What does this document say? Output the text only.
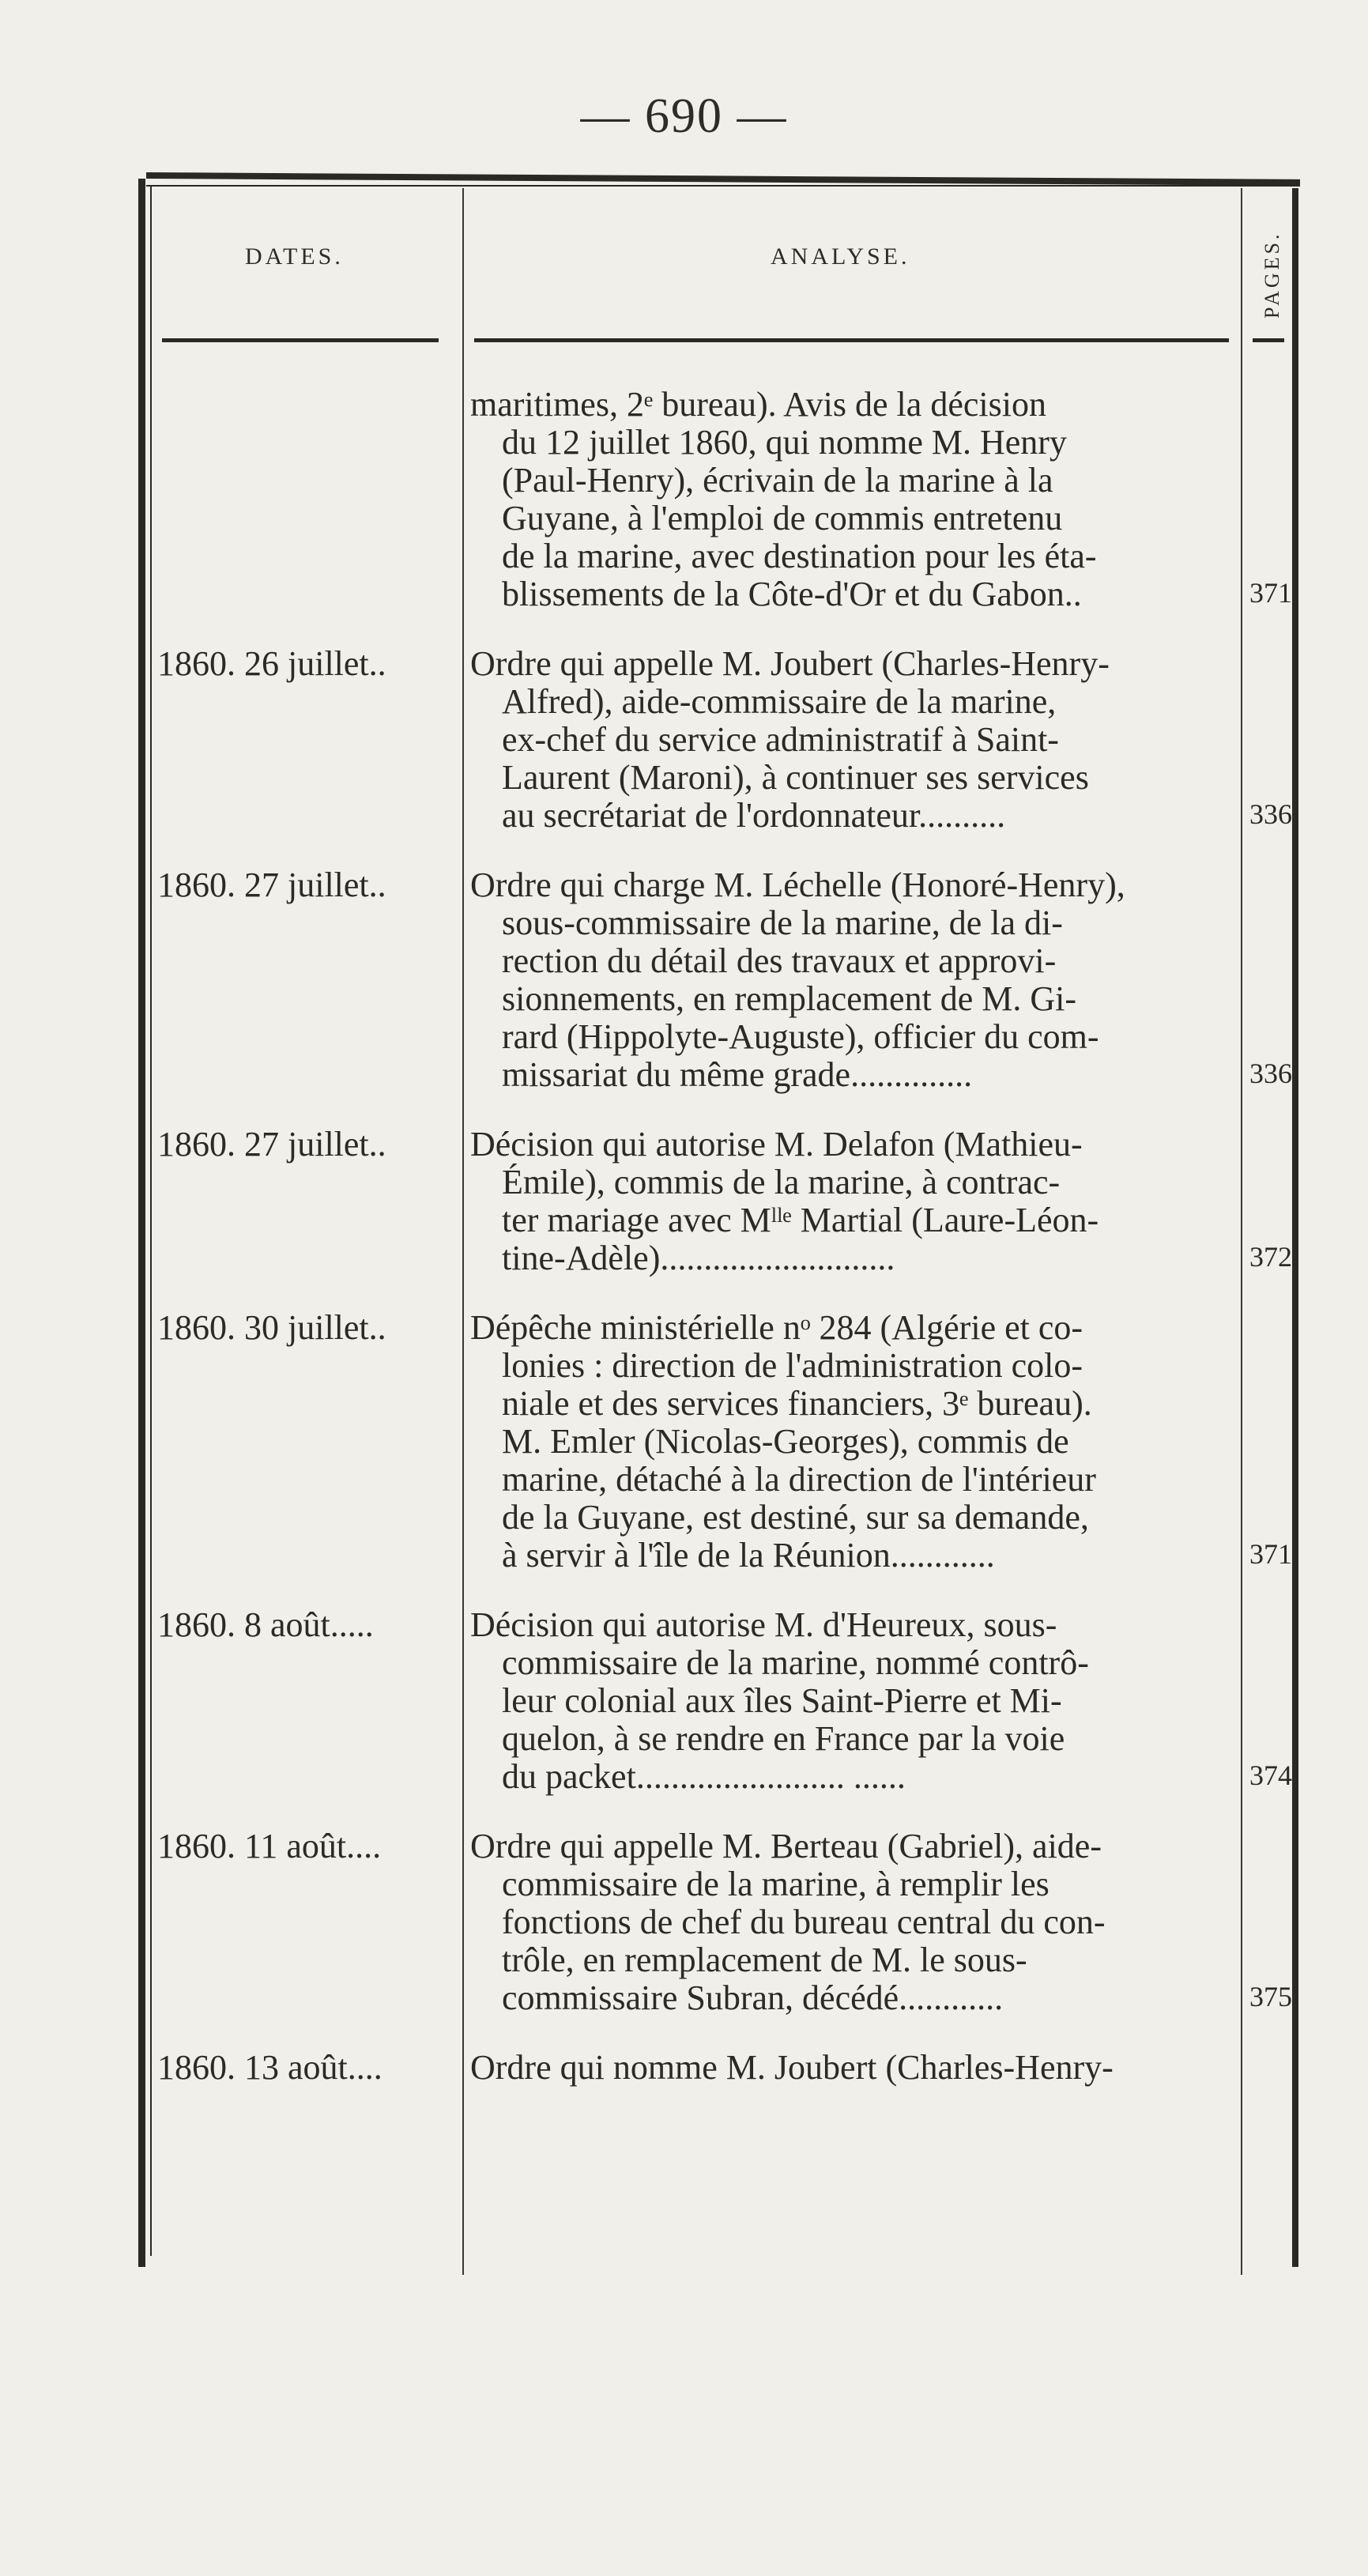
— 690 —
DATES.	ANALYSE.	PAGES.
maritimes, 2ᵉ bureau). Avis de la décision
du 12 juillet 1860, qui nomme M. Henry
(Paul-Henry), écrivain de la marine à la
Guyane, à l'emploi de commis entretenu
de la marine, avec destination pour les éta-
blissements de la Côte-d'Or et du Gabon..	371
1860. 26 juillet..	Ordre qui appelle M. Joubert (Charles-Henry-
Alfred), aide-commissaire de la marine,
ex-chef du service administratif à Saint-
Laurent (Maroni), à continuer ses services
au secrétariat de l'ordonnateur..........	336
1860. 27 juillet..	Ordre qui charge M. Léchelle (Honoré-Henry),
sous-commissaire de la marine, de la di-
rection du détail des travaux et approvi-
sionnements, en remplacement de M. Gi-
rard (Hippolyte-Auguste), officier du com-
missariat du même grade..............	336
1860. 27 juillet..	Décision qui autorise M. Delafon (Mathieu-
Émile), commis de la marine, à contrac-
ter mariage avec Mˡˡᵉ Martial (Laure-Léon-
tine-Adèle)...........................	372
1860. 30 juillet..	Dépêche ministérielle nᵒ 284 (Algérie et co-
lonies : direction de l'administration colo-
niale et des services financiers, 3ᵉ bureau).
M. Emler (Nicolas-Georges), commis de
marine, détaché à la direction de l'intérieur
de la Guyane, est destiné, sur sa demande,
à servir à l'île de la Réunion............	371
1860. 8 août.....	Décision qui autorise M. d'Heureux, sous-
commissaire de la marine, nommé contrô-
leur colonial aux îles Saint-Pierre et Mi-
quelon, à se rendre en France par la voie
du packet........................ ......	374
1860. 11 août....	Ordre qui appelle M. Berteau (Gabriel), aide-
commissaire de la marine, à remplir les
fonctions de chef du bureau central du con-
trôle, en remplacement de M. le sous-
commissaire Subran, décédé............	375
1860. 13 août....	Ordre qui nomme M. Joubert (Charles-Henry-
